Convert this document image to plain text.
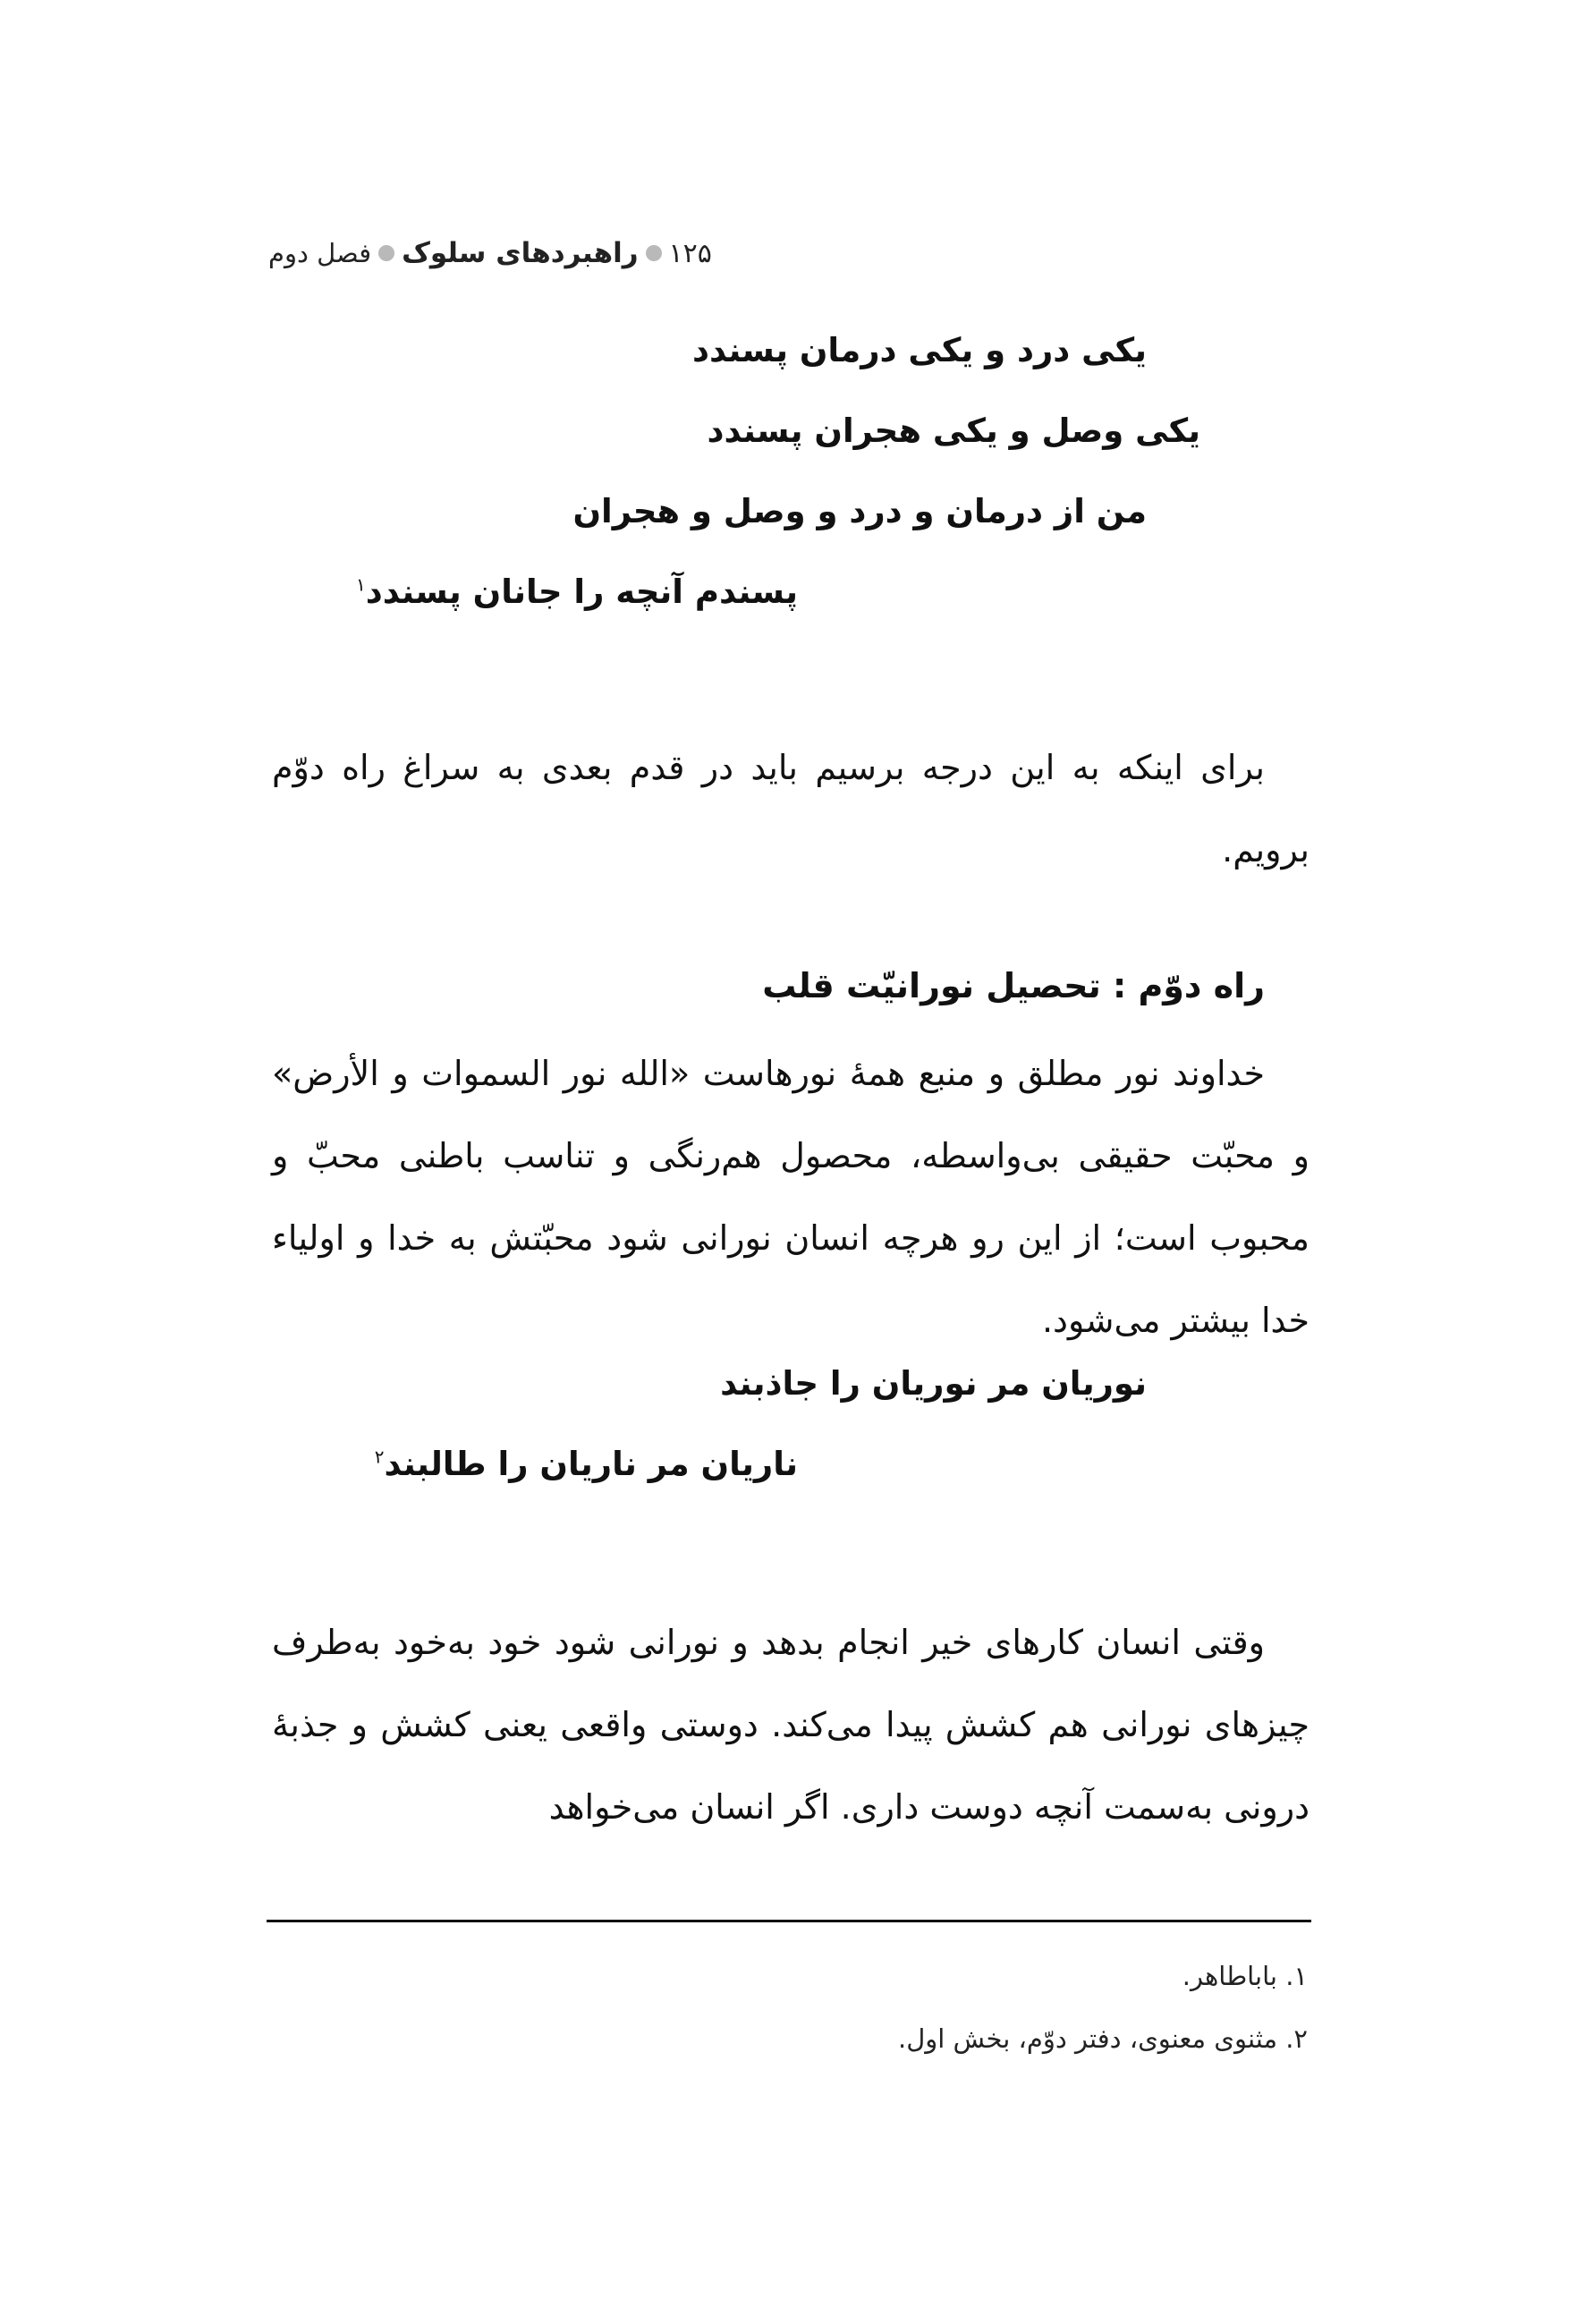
فصل دوم راهبردهای سلوک ۱۲۵
یکی درد و یکی درمان پسندد
یکی وصل و یکی هجران پسندد
من از درمان و درد و وصل و هجران
پسندم آنچه را جانان پسندد$^۱$
برای اینکه به این درجه برسیم باید در قدم بعدی به سراغ راه دوّم برویم.
راه دوّم : تحصیل نورانیّت قلب
خداوند نور مطلق و منبع همهٔ نورهاست «الله نور السموات و الأرض» و محبّت حقیقی بی‌واسطه، محصول هم‌رنگی و تناسب باطنی محبّ و محبوب است؛ از این رو هرچه انسان نورانی شود محبّتش به خدا و اولیاء خدا بیشتر می‌شود.
نوریان مر نوریان را جاذبند
ناریان مر ناریان را طالبند$^۲$
وقتی انسان کارهای خیر انجام بدهد و نورانی شود خود به‌خود به‌طرف چیزهای نورانی هم کشش پیدا می‌کند. دوستی واقعی یعنی کشش و جذبهٔ درونی به‌سمت آنچه دوست داری. اگر انسان می‌خواهد
۱. باباطاهر.
۲. مثنوی معنوی، دفتر دوّم، بخش اول.
